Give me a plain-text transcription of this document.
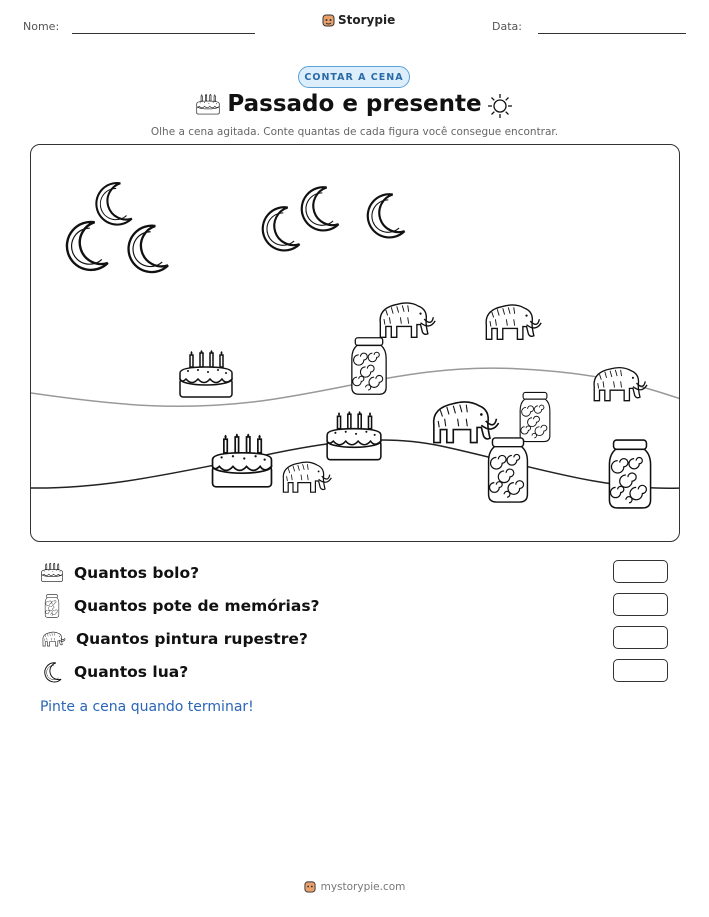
Nome:	Storypie	Data:
CONTAR A CENA
Passado e presente
Olhe a cena agitada. Conte quantas de cada figura você consegue encontrar.
Quantos bolo?
Quantos pote de memórias?
Quantos pintura rupestre?
Quantos lua?
Pinte a cena quando terminar!
mystorypie.com
